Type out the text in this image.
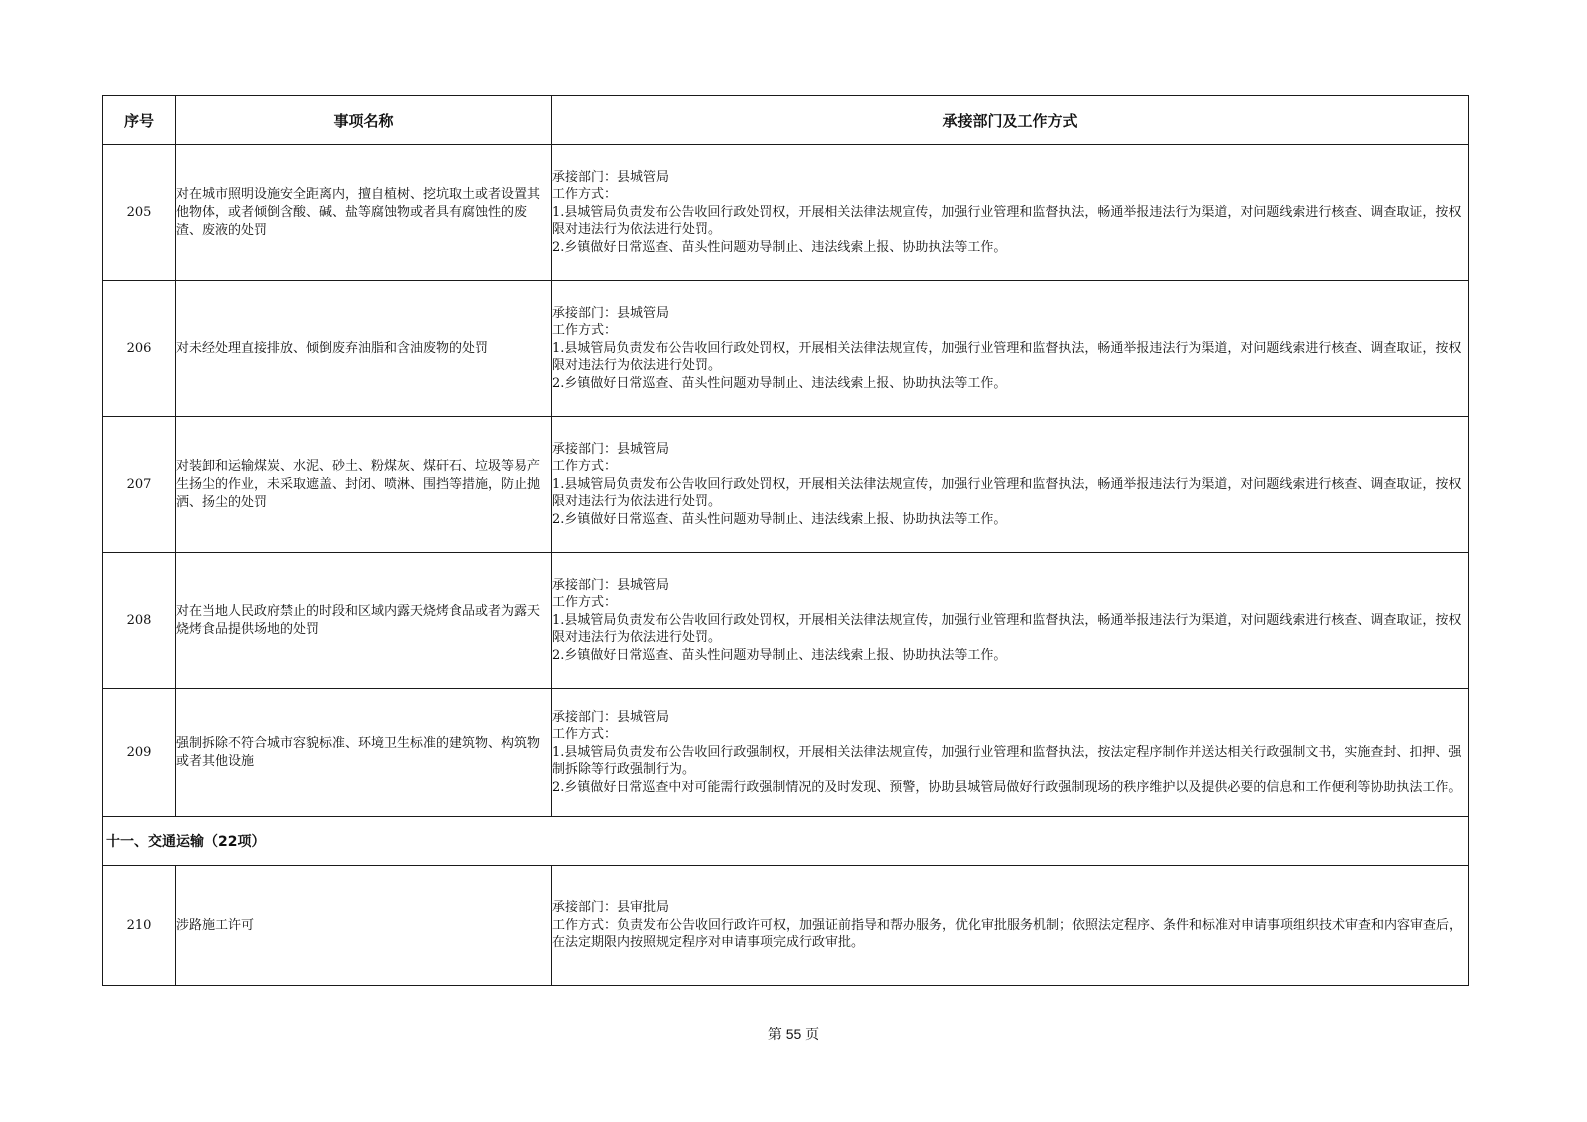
序号	事项名称	承接部门及工作方式
205	对在城市照明设施安全距离内，擅自植树、挖坑取土或者设置其他物体，或者倾倒含酸、碱、盐等腐蚀物或者具有腐蚀性的废渣、废液的处罚	承接部门：县城管局
工作方式：
1.县城管局负责发布公告收回行政处罚权，开展相关法律法规宣传，加强行业管理和监督执法，畅通举报违法行为渠道，对问题线索进行核查、调查取证，按权限对违法行为依法进行处罚。
2.乡镇做好日常巡查、苗头性问题劝导制止、违法线索上报、协助执法等工作。

206	对未经处理直接排放、倾倒废弃油脂和含油废物的处罚	承接部门：县城管局
工作方式：
1.县城管局负责发布公告收回行政处罚权，开展相关法律法规宣传，加强行业管理和监督执法，畅通举报违法行为渠道，对问题线索进行核查、调查取证，按权限对违法行为依法进行处罚。
2.乡镇做好日常巡查、苗头性问题劝导制止、违法线索上报、协助执法等工作。

207	对装卸和运输煤炭、水泥、砂土、粉煤灰、煤矸石、垃圾等易产生扬尘的作业，未采取遮盖、封闭、喷淋、围挡等措施，防止抛洒、扬尘的处罚	承接部门：县城管局
工作方式：
1.县城管局负责发布公告收回行政处罚权，开展相关法律法规宣传，加强行业管理和监督执法，畅通举报违法行为渠道，对问题线索进行核查、调查取证，按权限对违法行为依法进行处罚。
2.乡镇做好日常巡查、苗头性问题劝导制止、违法线索上报、协助执法等工作。

208	对在当地人民政府禁止的时段和区域内露天烧烤食品或者为露天烧烤食品提供场地的处罚	承接部门：县城管局
工作方式：
1.县城管局负责发布公告收回行政处罚权，开展相关法律法规宣传，加强行业管理和监督执法，畅通举报违法行为渠道，对问题线索进行核查、调查取证，按权限对违法行为依法进行处罚。
2.乡镇做好日常巡查、苗头性问题劝导制止、违法线索上报、协助执法等工作。

209	强制拆除不符合城市容貌标准、环境卫生标准的建筑物、构筑物或者其他设施	承接部门：县城管局
工作方式：
1.县城管局负责发布公告收回行政强制权，开展相关法律法规宣传，加强行业管理和监督执法，按法定程序制作并送达相关行政强制文书，实施查封、扣押、强制拆除等行政强制行为。
2.乡镇做好日常巡查中对可能需行政强制情况的及时发现、预警，协助县城管局做好行政强制现场的秩序维护以及提供必要的信息和工作便利等协助执法工作。

十一、交通运输（22项）		
210	涉路施工许可	承接部门：县审批局
工作方式：负责发布公告收回行政许可权，加强证前指导和帮办服务，优化审批服务机制；依照法定程序、条件和标准对申请事项组织技术审查和内容审查后，在法定期限内按照规定程序对申请事项完成行政审批。
第 55 页
